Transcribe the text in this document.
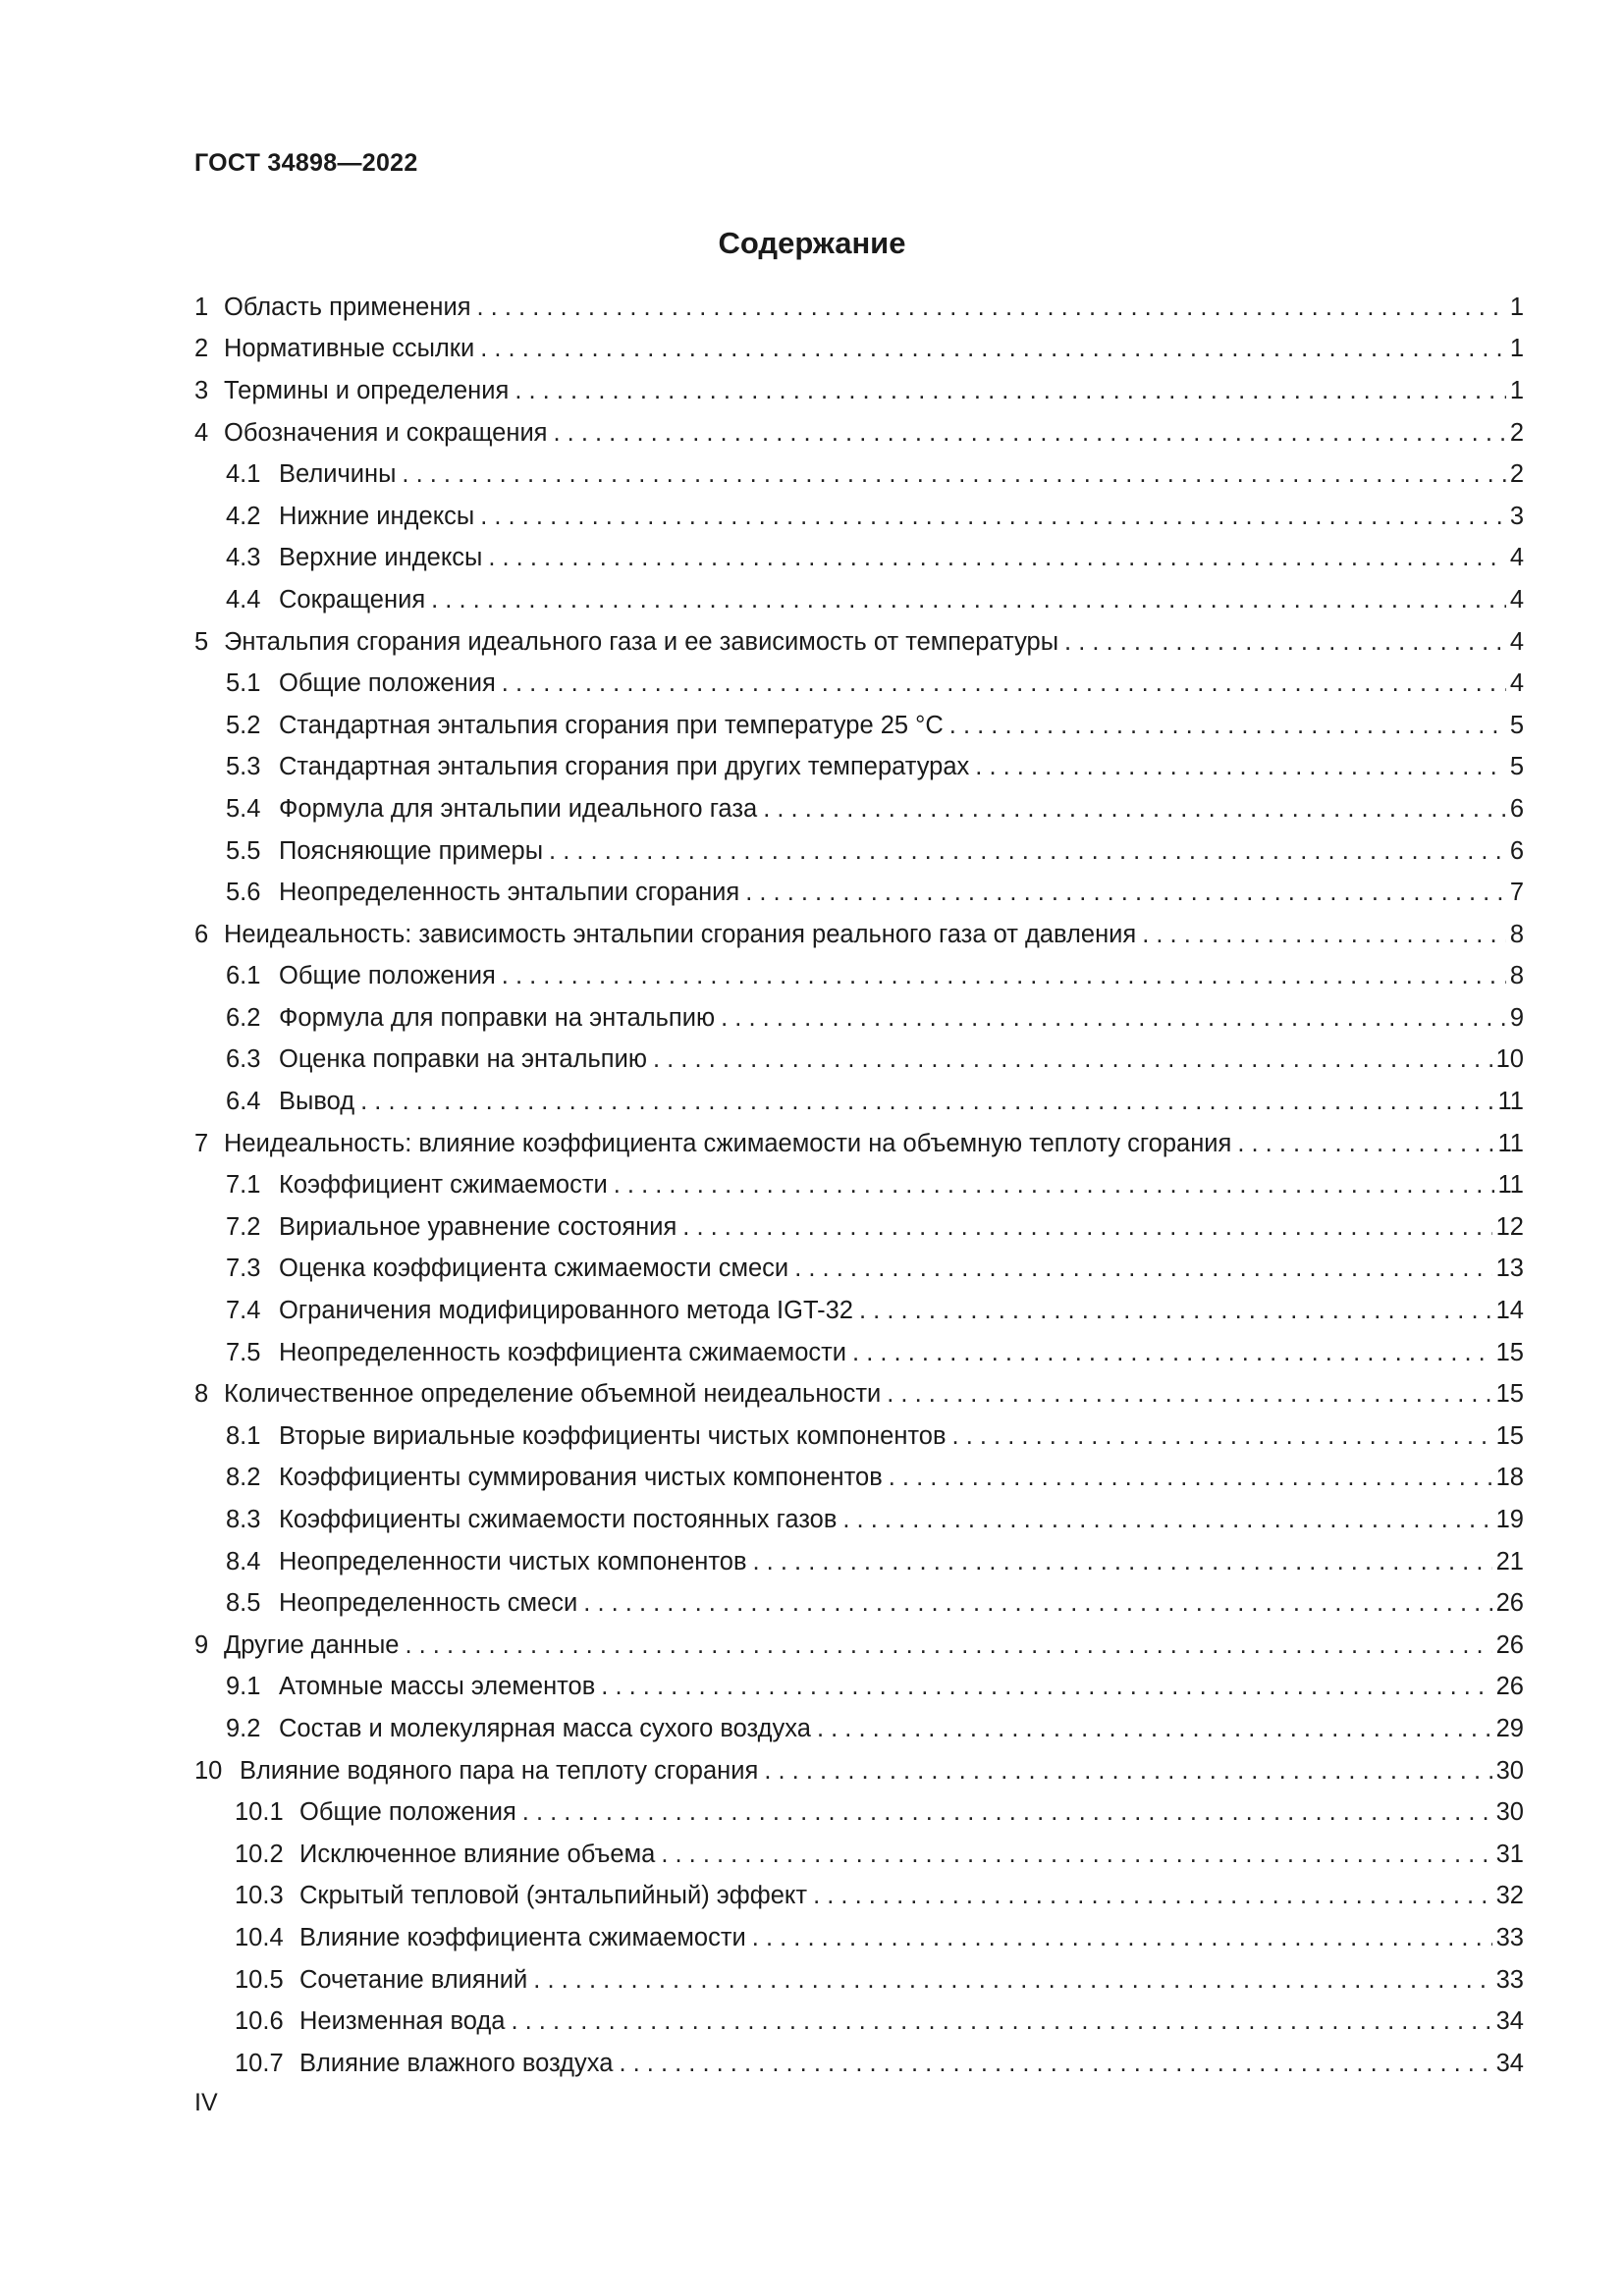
ГОСТ 34898—2022
Содержание
1 Область применения . . .	1
2 Нормативные ссылки . . .	1
3 Термины и определения . . .	1
4 Обозначения и сокращения . . .	2
4.1 Величины . . .	2
4.2 Нижние индексы . . .	3
4.3 Верхние индексы . . .	4
4.4 Сокращения . . .	4
5 Энтальпия сгорания идеального газа и ее зависимость от температуры . . .	4
5.1 Общие положения . . .	4
5.2 Стандартная энтальпия сгорания при температуре 25 °C . . .	5
5.3 Стандартная энтальпия сгорания при других температурах . . .	5
5.4 Формула для энтальпии идеального газа . . .	6
5.5 Поясняющие примеры . . .	6
5.6 Неопределенность энтальпии сгорания . . .	7
6 Неидеальность: зависимость энтальпии сгорания реального газа от давления . . .	8
6.1 Общие положения . . .	8
6.2 Формула для поправки на энтальпию . . .	9
6.3 Оценка поправки на энтальпию . . .	10
6.4 Вывод . . .	11
7 Неидеальность: влияние коэффициента сжимаемости на объемную теплоту сгорания . . .	11
7.1 Коэффициент сжимаемости . . .	11
7.2 Вириальное уравнение состояния . . .	12
7.3 Оценка коэффициента сжимаемости смеси . . .	13
7.4 Ограничения модифицированного метода IGT-32 . . .	14
7.5 Неопределенность коэффициента сжимаемости . . .	15
8 Количественное определение объемной неидеальности . . .	15
8.1 Вторые вириальные коэффициенты чистых компонентов . . .	15
8.2 Коэффициенты суммирования чистых компонентов . . .	18
8.3 Коэффициенты сжимаемости постоянных газов . . .	19
8.4 Неопределенности чистых компонентов . . .	21
8.5 Неопределенность смеси . . .	26
9 Другие данные . . .	26
9.1 Атомные массы элементов . . .	26
9.2 Состав и молекулярная масса сухого воздуха . . .	29
10 Влияние водяного пара на теплоту сгорания . . .	30
10.1 Общие положения . . .	30
10.2 Исключенное влияние объема . . .	31
10.3 Скрытый тепловой (энтальпийный) эффект . . .	32
10.4 Влияние коэффициента сжимаемости . . .	33
10.5 Сочетание влияний . . .	33
10.6 Неизменная вода . . .	34
10.7 Влияние влажного воздуха . . .	34
IV
